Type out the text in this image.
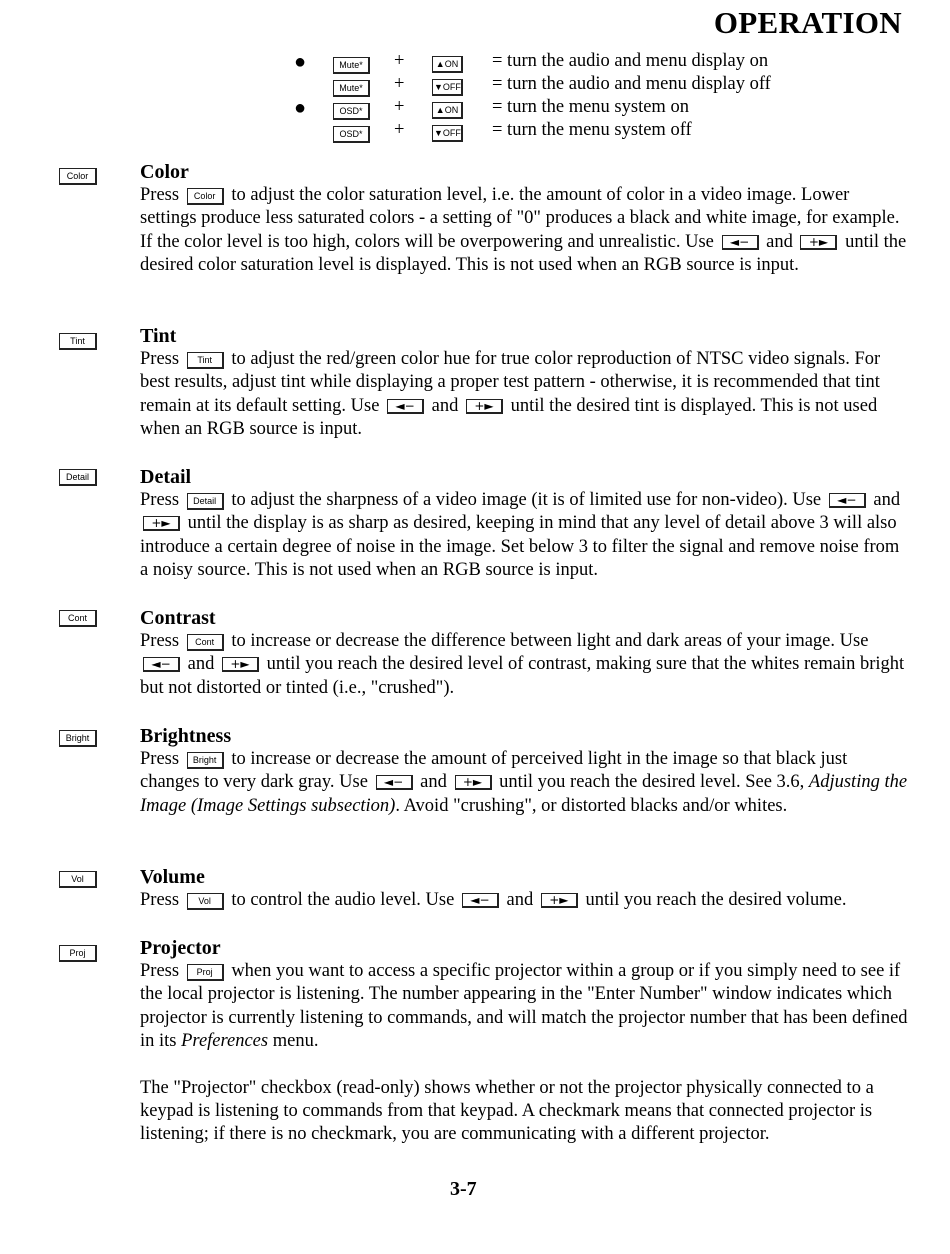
OPERATION
●	Mute*	+	▲ON = turn the audio and menu display on
Mute*	+	▼OFF = turn the audio and menu display off
●	OSD*	+	▲ON = turn the menu system on
OSD*	+	▼OFF = turn the menu system off
Color	Color

Press Color to adjust the color saturation level, i.e. the amount of color in a video image. Lower settings produce less saturated colors - a setting of "0" produces a black and white image, for example. If the color level is too high, colors will be overpowering and unrealistic. Use ◄− and +► until the desired color saturation level is displayed. This is not used when an RGB source is input.

Tint	Tint

Press Tint to adjust the red/green color hue for true color reproduction of NTSC video signals. For best results, adjust tint while displaying a proper test pattern - otherwise, it is recommended that tint remain at its default setting. Use ◄− and +► until the desired tint is displayed. This is not used when an RGB source is input.

Detail	Detail

Press Detail to adjust the sharpness of a video image (it is of limited use for non-video). Use ◄− and +► until the display is as sharp as desired, keeping in mind that any level of detail above 3 will also introduce a certain degree of noise in the image. Set below 3 to filter the signal and remove noise from a noisy source. This is not used when an RGB source is input.

Cont	Contrast

Press Cont to increase or decrease the difference between light and dark areas of your image. Use ◄− and +► until you reach the desired level of contrast, making sure that the whites remain bright but not distorted or tinted (i.e., "crushed").

Bright	Brightness

Press Bright to increase or decrease the amount of perceived light in the image so that black just changes to very dark gray. Use ◄− and +► until you reach the desired level. See 3.6, Adjusting the Image (Image Settings subsection). Avoid "crushing", or distorted blacks and/or whites.

Vol	Volume

Press Vol to control the audio level. Use ◄− and +► until you reach the desired volume.

Proj	Projector

Press Proj when you want to access a specific projector within a group or if you simply need to see if the local projector is listening. The number appearing in the "Enter Number" window indicates which projector is currently listening to commands, and will match the projector number that has been defined in its Preferences menu.

The "Projector" checkbox (read-only) shows whether or not the projector physically connected to a keypad is listening to commands from that keypad. A checkmark means that connected projector is listening; if there is no checkmark, you are communicating with a different projector.

3-7
